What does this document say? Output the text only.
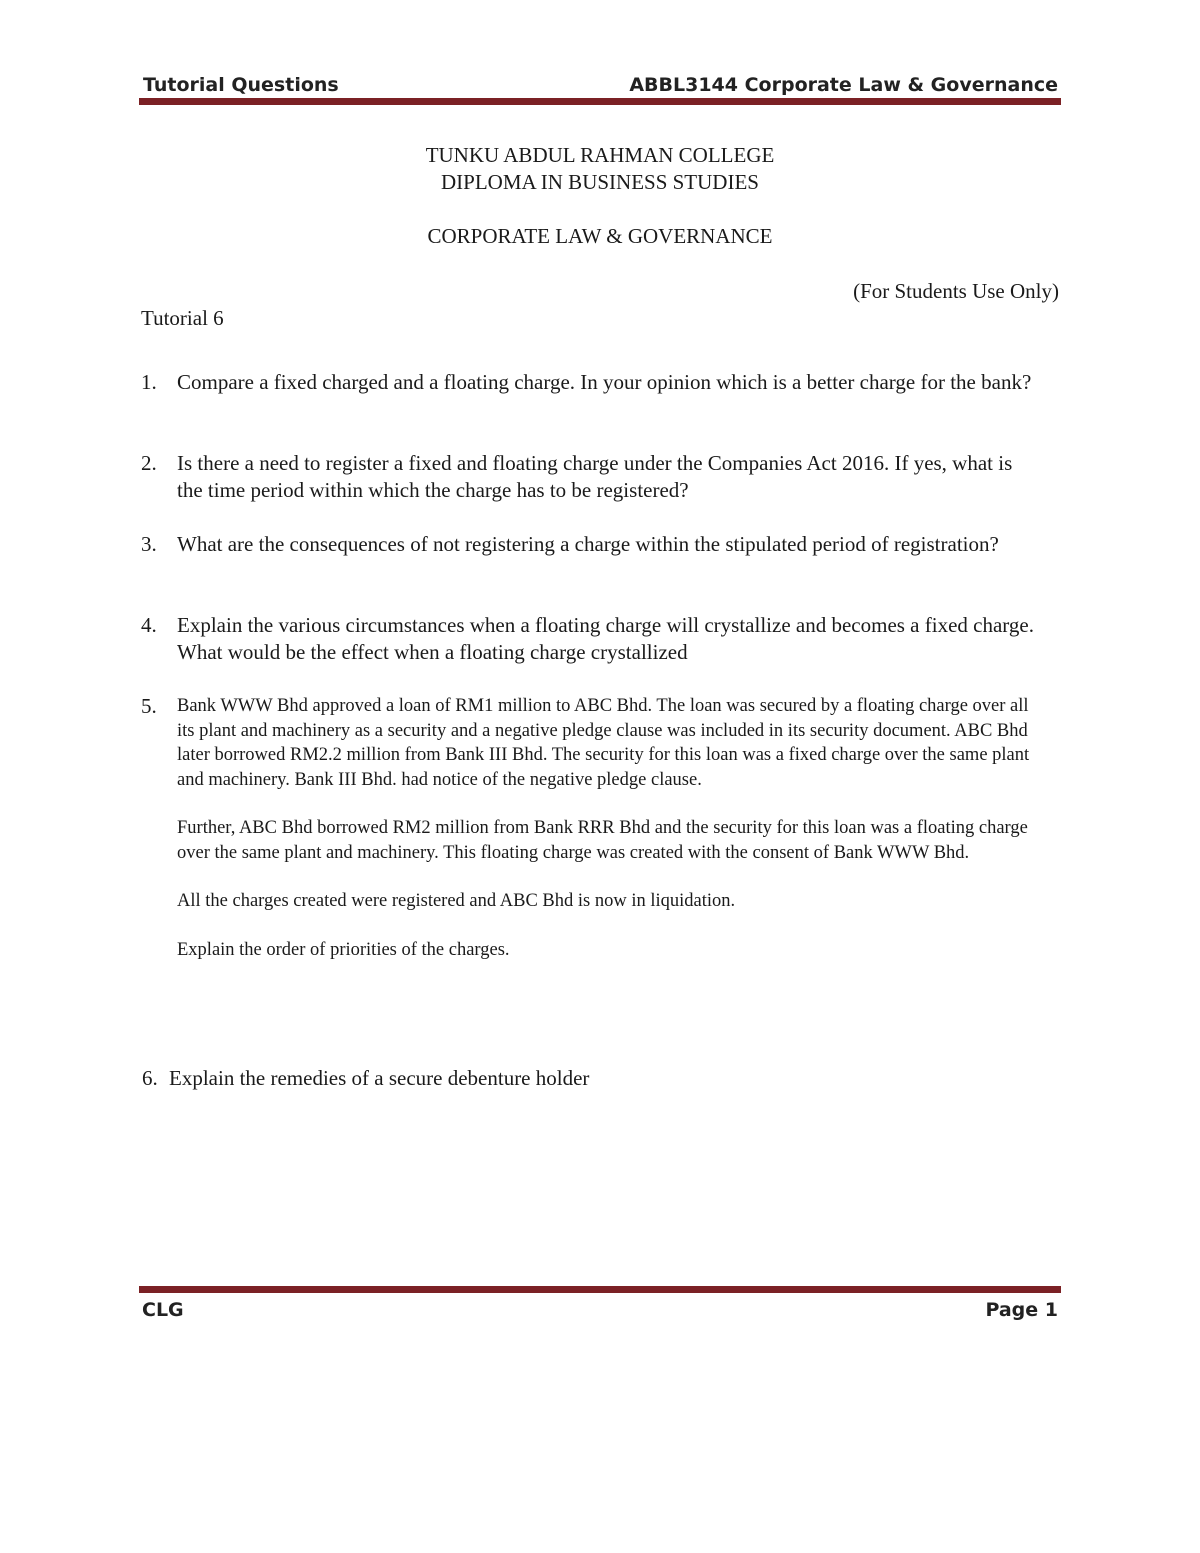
Tutorial Questions	ABBL3144 Corporate Law & Governance
TUNKU ABDUL RAHMAN COLLEGE
DIPLOMA IN BUSINESS STUDIES
CORPORATE LAW & GOVERNANCE
(For Students Use Only)
Tutorial 6
1. Compare a fixed charged and a floating charge. In your opinion which is a better charge for the bank?
2. Is there a need to register a fixed and floating charge under the Companies Act 2016. If yes, what is the time period within which the charge has to be registered?
3. What are the consequences of not registering a charge within the stipulated period of registration?
4. Explain the various circumstances when a floating charge will crystallize and becomes a fixed charge. What would be the effect when a floating charge crystallized
5. Bank WWW Bhd approved a loan of RM1 million to ABC Bhd. The loan was secured by a floating charge over all its plant and machinery as a security and a negative pledge clause was included in its security document. ABC Bhd later borrowed RM2.2 million from Bank III Bhd. The security for this loan was a fixed charge over the same plant and machinery. Bank III Bhd. had notice of the negative pledge clause.

Further, ABC Bhd borrowed RM2 million from Bank RRR Bhd and the security for this loan was a floating charge over the same plant and machinery. This floating charge was created with the consent of Bank WWW Bhd.

All the charges created were registered and ABC Bhd is now in liquidation.

Explain the order of priorities of the charges.

6. Explain the remedies of a secure debenture holder
CLG	Page 1
